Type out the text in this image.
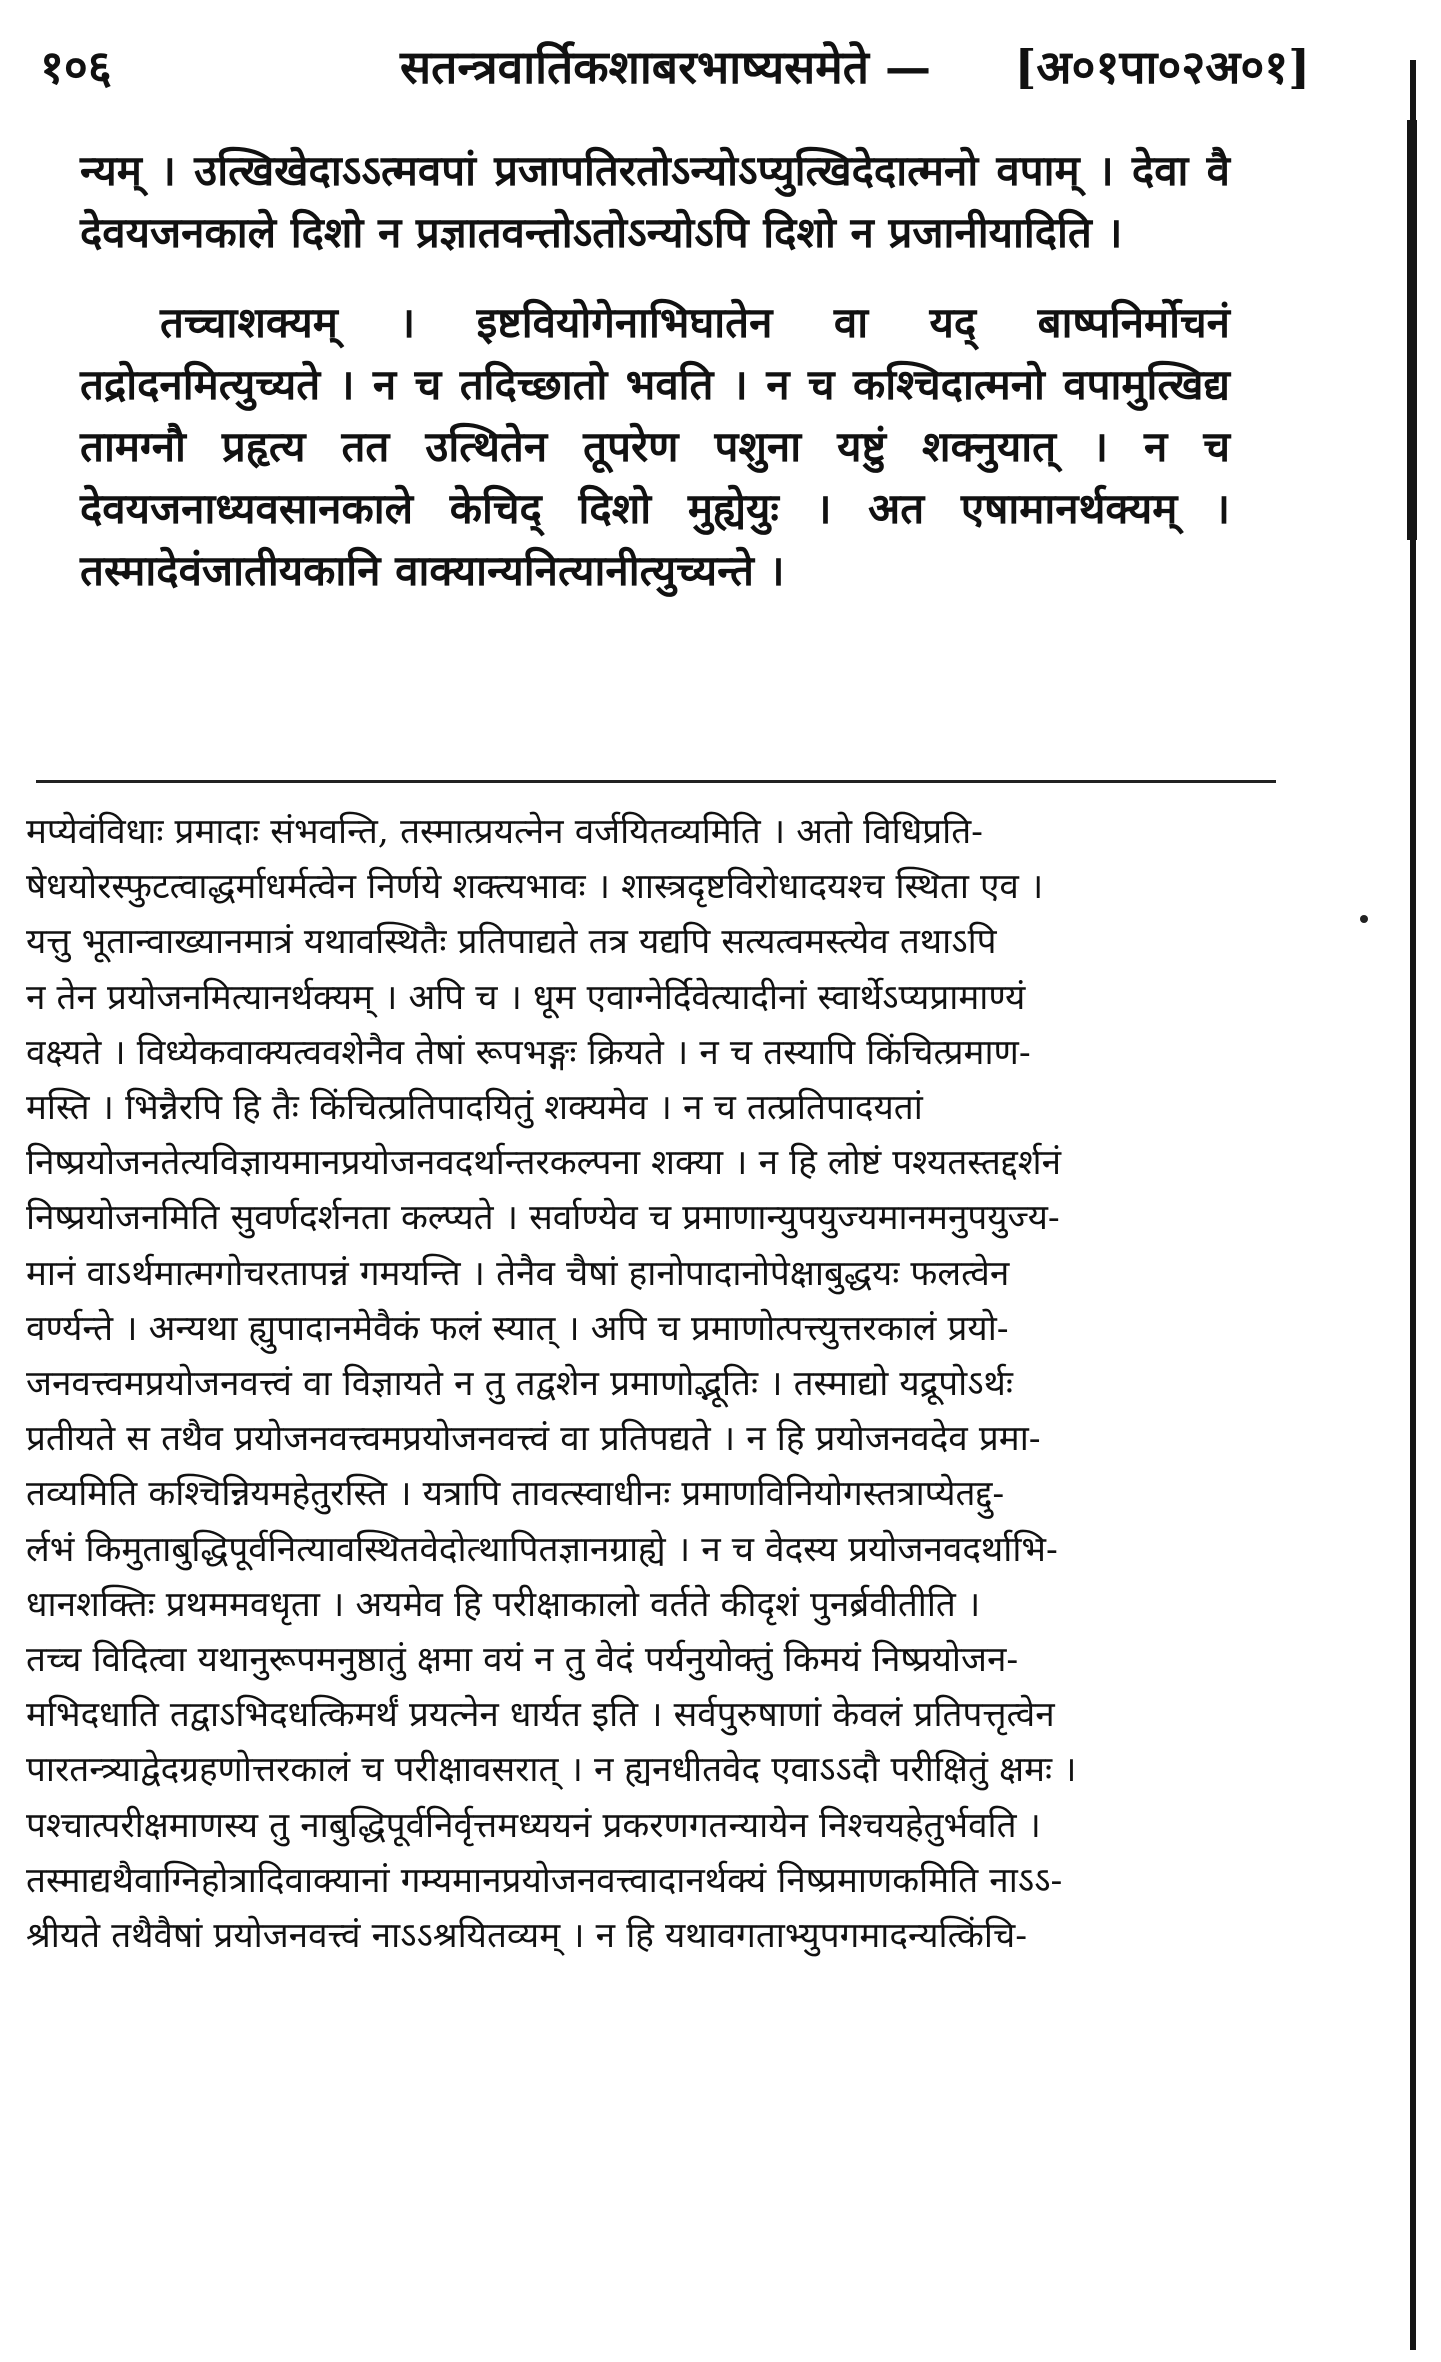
१०६	सतन्त्रवार्तिकशाबरभाष्यसमेते — [अ०१पा०२अ०१]

न्यम् । उत्खिखेदाऽऽत्मवपां प्रजापतिरतोऽन्योऽप्युत्खिदेदात्मनो वपाम् । देवा वै देवयजनकाले दिशो न प्रज्ञातवन्तोऽतोऽन्योऽपि दिशो न प्रजानीयादिति ।

तच्चाशक्यम् । इष्टवियोगेनाभिघातेन वा यद् बाष्पनिर्मोचनं तद्रोदनमित्युच्यते । न च तदिच्छातो भवति । न च कश्चिदात्मनो वपामुत्खिद्य तामग्नौ प्रहृत्य तत उत्थितेन तूपरेण पशुना यष्टुं शक्नुयात् । न च देवयजनाध्यवसानकाले केचिद् दिशो मुह्येयुः । अत एषामानर्थक्यम् । तस्मादेवंजातीयकानि वाक्यान्यनित्यानीत्युच्यन्ते ।

मप्येवंविधाः प्रमादाः संभवन्ति, तस्मात्प्रयत्नेन वर्जयितव्यमिति । अतो विधिप्रति-
षेधयोरस्फुटत्वाद्धर्माधर्मत्वेन निर्णये शक्त्यभावः । शास्त्रदृष्टविरोधादयश्च स्थिता एव ।
यत्तु भूतान्वाख्यानमात्रं यथावस्थितैः प्रतिपाद्यते तत्र यद्यपि सत्यत्वमस्त्येव तथाऽपि
न तेन प्रयोजनमित्यानर्थक्यम् । अपि च । धूम एवाग्नेर्दिवेत्यादीनां स्वार्थेऽप्यप्रामाण्यं
वक्ष्यते । विध्येकवाक्यत्ववशेनैव तेषां रूपभङ्गः क्रियते । न च तस्यापि किंचित्प्रमाण-
मस्ति । भिन्नैरपि हि तैः किंचित्प्रतिपादयितुं शक्यमेव । न च तत्प्रतिपादयतां
निष्प्रयोजनतेत्यविज्ञायमानप्रयोजनवदर्थान्तरकल्पना शक्या । न हि लोष्टं पश्यतस्तद्दर्शनं
निष्प्रयोजनमिति सुवर्णदर्शनता कल्प्यते । सर्वाण्येव च प्रमाणान्युपयुज्यमानमनुपयुज्य-
मानं वाऽर्थमात्मगोचरतापन्नं गमयन्ति । तेनैव चैषां हानोपादानोपेक्षाबुद्धयः फलत्वेन
वर्ण्यन्ते । अन्यथा ह्युपादानमेवैकं फलं स्यात् । अपि च प्रमाणोत्पत्त्युत्तरकालं प्रयो-
जनवत्त्वमप्रयोजनवत्त्वं वा विज्ञायते न तु तद्वशेन प्रमाणोद्भूतिः । तस्माद्यो यद्रूपोऽर्थः
प्रतीयते स तथैव प्रयोजनवत्त्वमप्रयोजनवत्त्वं वा प्रतिपद्यते । न हि प्रयोजनवदेव प्रमा-
तव्यमिति कश्चिन्नियमहेतुरस्ति । यत्रापि तावत्स्वाधीनः प्रमाणविनियोगस्तत्राप्येतद्दु-
र्लभं किमुताबुद्धिपूर्वनित्यावस्थितवेदोत्थापितज्ञानग्राह्ये । न च वेदस्य प्रयोजनवदर्थाभि-
धानशक्तिः प्रथममवधृता । अयमेव हि परीक्षाकालो वर्तते कीदृशं पुनर्ब्रवीतीति ।
तच्च विदित्वा यथानुरूपमनुष्ठातुं क्षमा वयं न तु वेदं पर्यनुयोक्तुं किमयं निष्प्रयोजन-
मभिदधाति तद्वाऽभिदधत्किमर्थं प्रयत्नेन धार्यत इति । सर्वपुरुषाणां केवलं प्रतिपत्तृत्वेन
पारतन्त्र्याद्वेदग्रहणोत्तरकालं च परीक्षावसरात् । न ह्यनधीतवेद एवाऽऽदौ परीक्षितुं क्षमः ।
पश्चात्परीक्षमाणस्य तु नाबुद्धिपूर्वनिर्वृत्तमध्ययनं प्रकरणगतन्यायेन निश्चयहेतुर्भवति ।
तस्माद्यथैवाग्निहोत्रादिवाक्यानां गम्यमानप्रयोजनवत्त्वादानर्थक्यं निष्प्रमाणकमिति नाऽऽ-
श्रीयते तथैवैषां प्रयोजनवत्त्वं नाऽऽश्रयितव्यम् । न हि यथावगताभ्युपगमादन्यत्किंचि-
